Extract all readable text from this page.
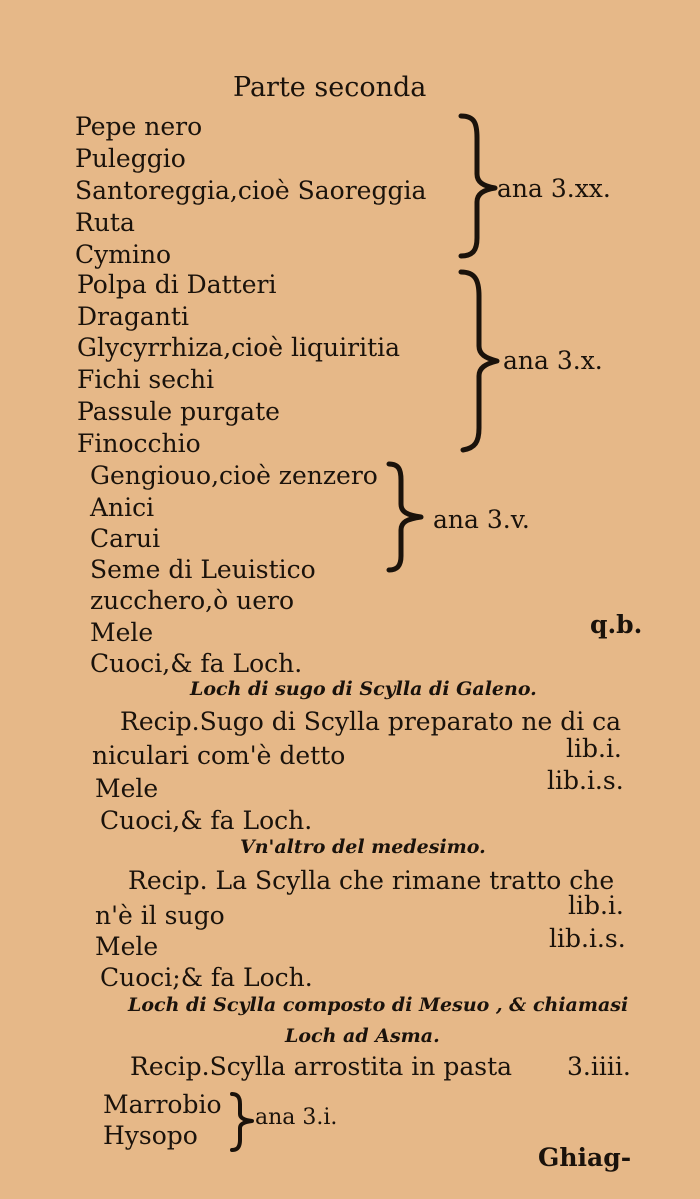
Parte seconda
Pepe nero
Puleggio
Santoreggia,cioè Saoreggia
Ruta
Cymino
ana 3.xx.
Polpa di Datteri
Draganti
Glycyrrhiza,cioè liquiritia
Fichi sechi
Passule purgate
Finocchio
ana 3.x.
Gengiouo,cioè zenzero
Anici
Carui
Seme di Leuistico
ana 3.v.
zucchero,ò uero
Mele	q.b.
Cuoci,& fa Loch.
Loch di sugo di Scylla di Galeno.
Recip.Sugo di Scylla preparato ne di ca
niculari com'è detto	lib.i.
Mele	lib.i.s.
Cuoci,& fa Loch.
Vn'altro del medesimo.
Recip. La Scylla che rimane tratto che
n'è il sugo	lib.i.
Mele	lib.i.s.
Cuoci;& fa Loch.
Loch di Scylla composto di Mesuo , & chiamasi
Loch ad Asma.
Recip.Scylla arrostita in pasta 3.iiii.
Marrobio
Hysopo
ana 3.i.
Ghiag-
